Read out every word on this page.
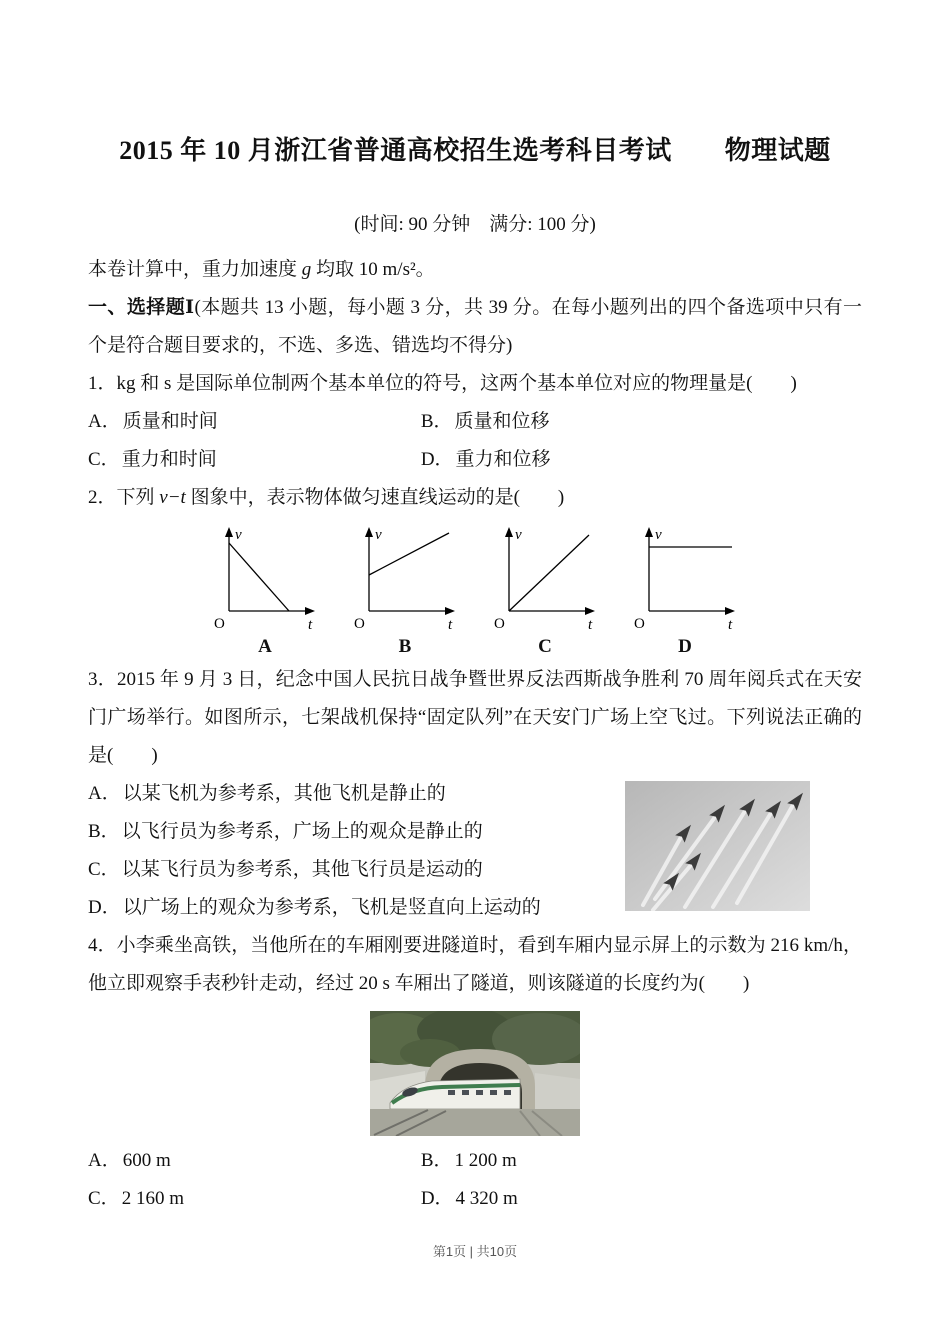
2015 年 10 月浙江省普通高校招生选考科目考试　　物理试题
(时间: 90 分钟　满分: 100 分)

本卷计算中，重力加速度 g 均取 10 m/s²。

一、选择题Ⅰ(本题共 13 小题，每小题 3 分，共 39 分。在每小题列出的四个备选项中只有一个是符合题目要求的，不选、多选、错选均不得分)

1．kg 和 s 是国际单位制两个基本单位的符号，这两个基本单位对应的物理量是(　　)

A． 质量和时间	B． 质量和位移
C． 重力和时间	D． 重力和位移

2．下列 v−t 图象中，表示物体做匀速直线运动的是(　　)

v
t
O
A
v
t
O
B
v
t
O
C
v
t
O
D

3．2015 年 9 月 3 日，纪念中国人民抗日战争暨世界反法西斯战争胜利 70 周年阅兵式在天安门广场举行。如图所示，七架战机保持“固定队列”在天安门广场上空飞过。下列说法正确的是(　　)

A． 以某飞机为参考系，其他飞机是静止的
B． 以飞行员为参考系，广场上的观众是静止的
C． 以某飞行员为参考系，其他飞行员是运动的
D． 以广场上的观众为参考系，飞机是竖直向上运动的

4．小李乘坐高铁，当他所在的车厢刚要进隧道时，看到车厢内显示屏上的示数为 216 km/h，他立即观察手表秒针走动，经过 20 s 车厢出了隧道，则该隧道的长度约为(　　)

A． 600 m	B． 1 200 m
C． 2 160 m	D． 4 320 m
第1页 | 共10页
